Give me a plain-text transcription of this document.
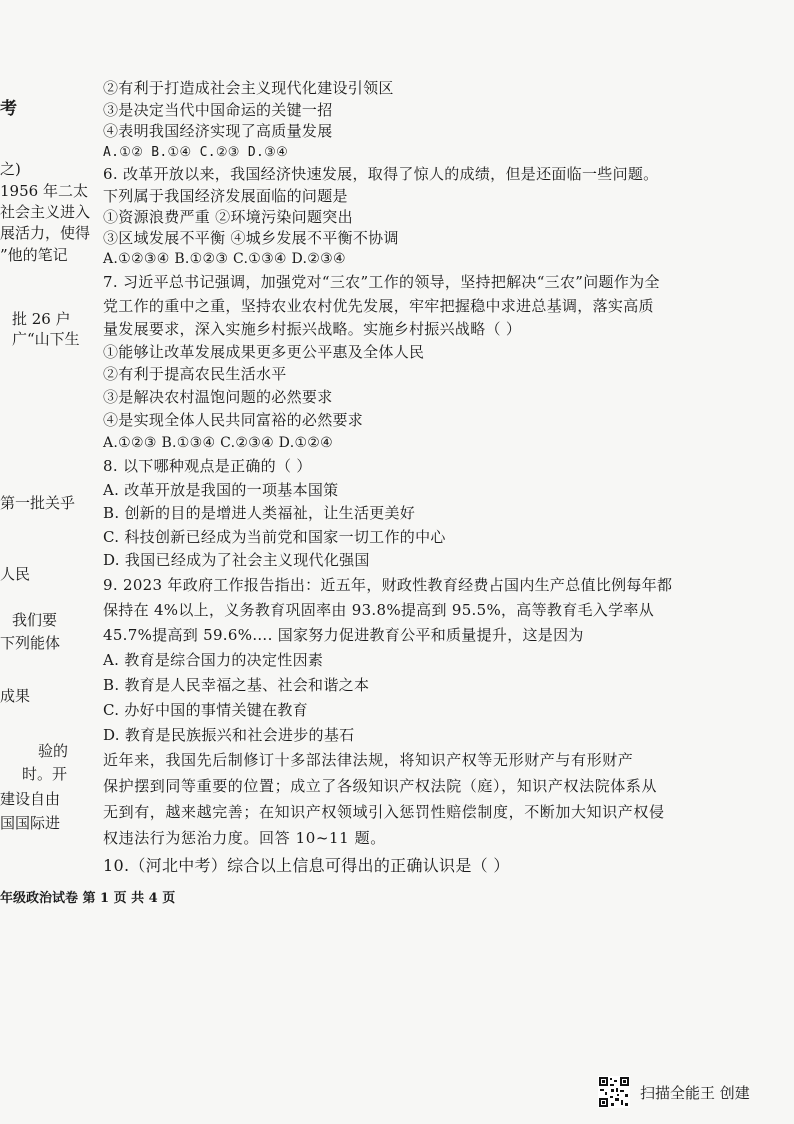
考
之)
1956 年二太
社会主义进入
展活力，使得
”他的笔记
批 26 户
广“山下生
第一批关乎
人民
我们要
下列能体
成果
验的
时。开
建设自由
国国际进
②有利于打造成社会主义现代化建设引领区
③是决定当代中国命运的关键一招
④表明我国经济实现了高质量发展
A.①② B.①④ C.②③ D.③④
6. 改革开放以来，我国经济快速发展，取得了惊人的成绩，但是还面临一些问题。
下列属于我国经济发展面临的问题是
①资源浪费严重 ②环境污染问题突出
③区域发展不平衡 ④城乡发展不平衡不协调
A.①②③④ B.①②③ C.①③④ D.②③④
7. 习近平总书记强调，加强党对“三农”工作的领导，坚持把解决“三农”问题作为全
党工作的重中之重，坚持农业农村优先发展，牢牢把握稳中求进总基调，落实高质
量发展要求，深入实施乡村振兴战略。实施乡村振兴战略（ ）
①能够让改革发展成果更多更公平惠及全体人民
②有利于提高农民生活水平
③是解决农村温饱问题的必然要求
④是实现全体人民共同富裕的必然要求
A.①②③ B.①③④ C.②③④ D.①②④
8. 以下哪种观点是正确的（ ）
A. 改革开放是我国的一项基本国策
B. 创新的目的是增进人类福祉，让生活更美好
C. 科技创新已经成为当前党和国家一切工作的中心
D. 我国已经成为了社会主义现代化强国
9. 2023 年政府工作报告指出：近五年，财政性教育经费占国内生产总值比例每年都
保持在 4%以上，义务教育巩固率由 93.8%提高到 95.5%，高等教育毛入学率从
45.7%提高到 59.6%…. 国家努力促进教育公平和质量提升，这是因为
A. 教育是综合国力的决定性因素
B. 教育是人民幸福之基、社会和谐之本
C. 办好中国的事情关键在教育
D. 教育是民族振兴和社会进步的基石
近年来，我国先后制修订十多部法律法规，将知识产权等无形财产与有形财产
保护摆到同等重要的位置；成立了各级知识产权法院（庭），知识产权法院体系从
无到有，越来越完善；在知识产权领域引入惩罚性赔偿制度，不断加大知识产权侵
权违法行为惩治力度。回答 10~11 题。
10.（河北中考）综合以上信息可得出的正确认识是（ ）
年级政治试卷 第 1 页 共 4 页
扫描全能王 创建
